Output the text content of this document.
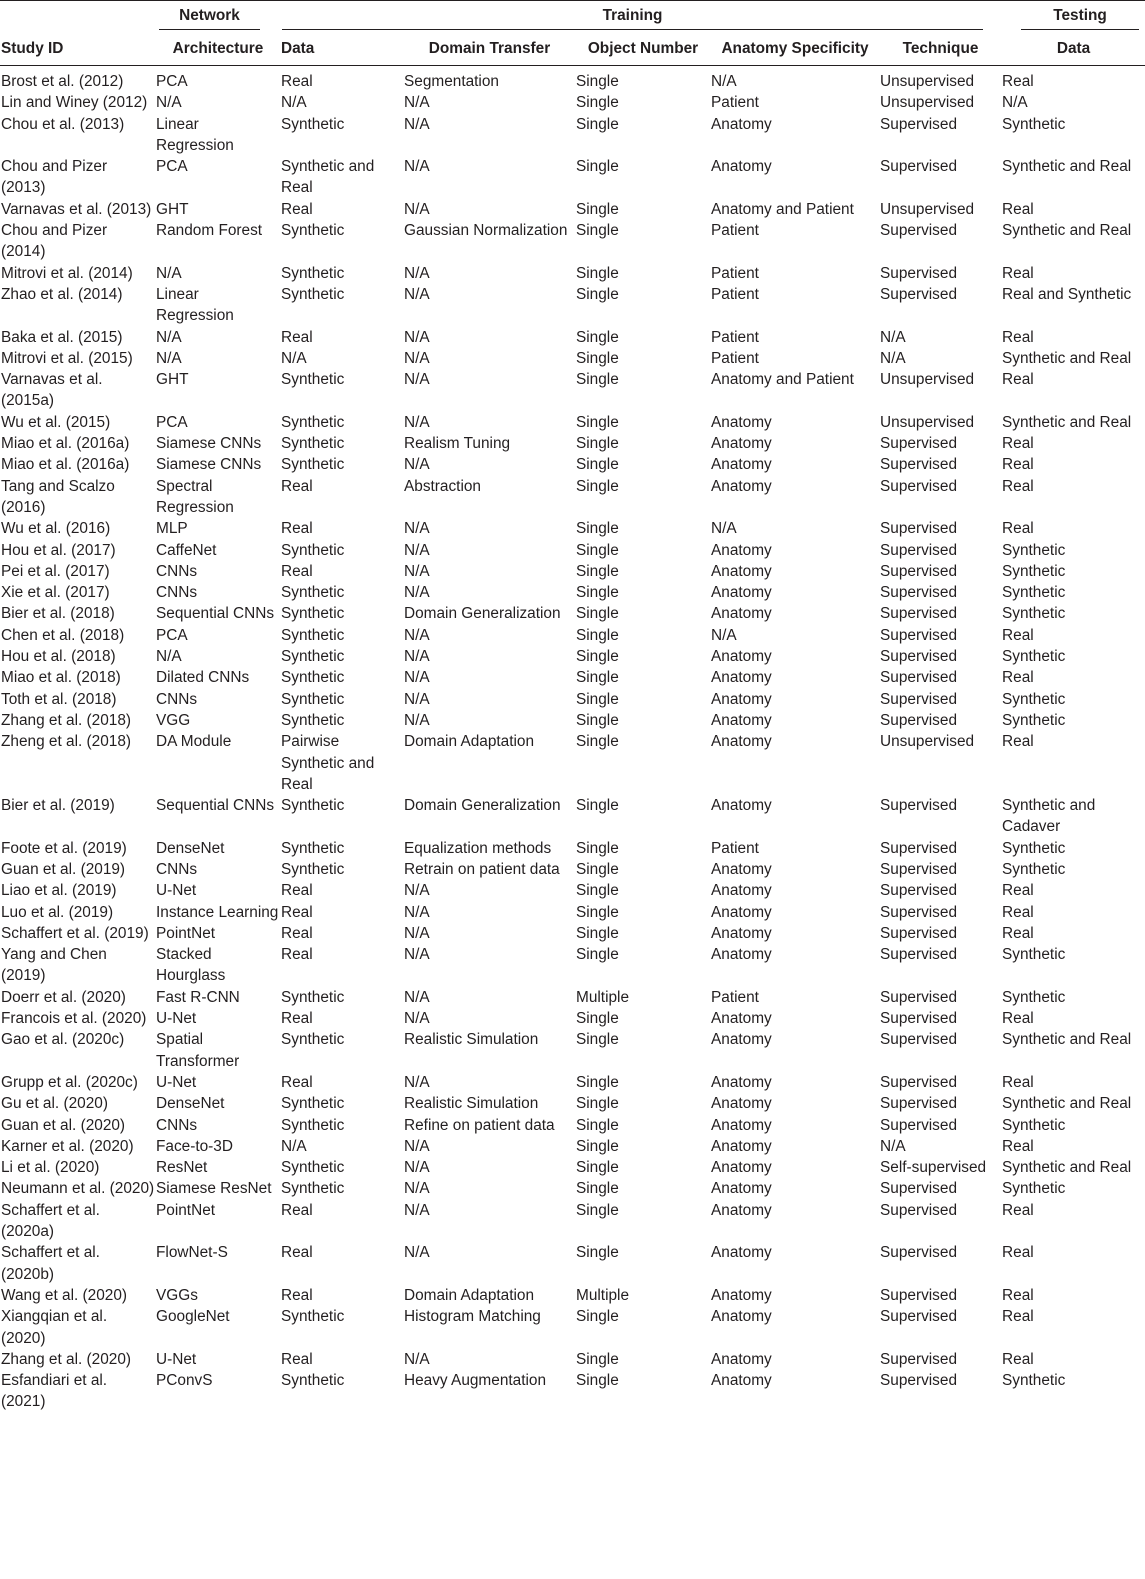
	Network	Training					Testing

Study ID	Architecture	Data	Domain Transfer	Object Number	Anatomy Specificity	Technique	Data
Brost et al. (2012)	PCA	Real	Segmentation	Single	N/A	Unsupervised	Real
Lin and Winey (2012)	N/A	N/A	N/A	Single	Patient	Unsupervised	N/A
Chou et al. (2013)	Linear Regression	Synthetic	N/A	Single	Anatomy	Supervised	Synthetic
Chou and Pizer (2013)	PCA	Synthetic and Real	N/A	Single	Anatomy	Supervised	Synthetic and Real
Varnavas et al. (2013)	GHT	Real	N/A	Single	Anatomy and Patient	Unsupervised	Real
Chou and Pizer (2014)	Random Forest	Synthetic	Gaussian Normalization	Single	Patient	Supervised	Synthetic and Real
Mitrovi et al. (2014)	N/A	Synthetic	N/A	Single	Patient	Supervised	Real
Zhao et al. (2014)	Linear Regression	Synthetic	N/A	Single	Patient	Supervised	Real and Synthetic
Baka et al. (2015)	N/A	Real	N/A	Single	Patient	N/A	Real
Mitrovi et al. (2015)	N/A	N/A	N/A	Single	Patient	N/A	Synthetic and Real
Varnavas et al. (2015a)	GHT	Synthetic	N/A	Single	Anatomy and Patient	Unsupervised	Real
Wu et al. (2015)	PCA	Synthetic	N/A	Single	Anatomy	Unsupervised	Synthetic and Real
Miao et al. (2016a)	Siamese CNNs	Synthetic	Realism Tuning	Single	Anatomy	Supervised	Real
Miao et al. (2016a)	Siamese CNNs	Synthetic	N/A	Single	Anatomy	Supervised	Real
Tang and Scalzo (2016)	Spectral Regression	Real	Abstraction	Single	Anatomy	Supervised	Real
Wu et al. (2016)	MLP	Real	N/A	Single	N/A	Supervised	Real
Hou et al. (2017)	CaffeNet	Synthetic	N/A	Single	Anatomy	Supervised	Synthetic
Pei et al. (2017)	CNNs	Real	N/A	Single	Anatomy	Supervised	Synthetic
Xie et al. (2017)	CNNs	Synthetic	N/A	Single	Anatomy	Supervised	Synthetic
Bier et al. (2018)	Sequential CNNs	Synthetic	Domain Generalization	Single	Anatomy	Supervised	Synthetic
Chen et al. (2018)	PCA	Synthetic	N/A	Single	N/A	Supervised	Real
Hou et al. (2018)	N/A	Synthetic	N/A	Single	Anatomy	Supervised	Synthetic
Miao et al. (2018)	Dilated CNNs	Synthetic	N/A	Single	Anatomy	Supervised	Real
Toth et al. (2018)	CNNs	Synthetic	N/A	Single	Anatomy	Supervised	Synthetic
Zhang et al. (2018)	VGG	Synthetic	N/A	Single	Anatomy	Supervised	Synthetic
Zheng et al. (2018)	DA Module	Pairwise Synthetic and Real	Domain Adaptation	Single	Anatomy	Unsupervised	Real
Bier et al. (2019)	Sequential CNNs	Synthetic	Domain Generalization	Single	Anatomy	Supervised	Synthetic and Cadaver
Foote et al. (2019)	DenseNet	Synthetic	Equalization methods	Single	Patient	Supervised	Synthetic
Guan et al. (2019)	CNNs	Synthetic	Retrain on patient data	Single	Anatomy	Supervised	Synthetic
Liao et al. (2019)	U-Net	Real	N/A	Single	Anatomy	Supervised	Real
Luo et al. (2019)	Instance Learning	Real	N/A	Single	Anatomy	Supervised	Real
Schaffert et al. (2019)	PointNet	Real	N/A	Single	Anatomy	Supervised	Real
Yang and Chen (2019)	Stacked Hourglass	Real	N/A	Single	Anatomy	Supervised	Synthetic
Doerr et al. (2020)	Fast R-CNN	Synthetic	N/A	Multiple	Patient	Supervised	Synthetic
Francois et al. (2020)	U-Net	Real	N/A	Single	Anatomy	Supervised	Real
Gao et al. (2020c)	Spatial Transformer	Synthetic	Realistic Simulation	Single	Anatomy	Supervised	Synthetic and Real
Grupp et al. (2020c)	U-Net	Real	N/A	Single	Anatomy	Supervised	Real
Gu et al. (2020)	DenseNet	Synthetic	Realistic Simulation	Single	Anatomy	Supervised	Synthetic and Real
Guan et al. (2020)	CNNs	Synthetic	Refine on patient data	Single	Anatomy	Supervised	Synthetic
Karner et al. (2020)	Face-to-3D	N/A	N/A	Single	Anatomy	N/A	Real
Li et al. (2020)	ResNet	Synthetic	N/A	Single	Anatomy	Self-supervised	Synthetic and Real
Neumann et al. (2020)	Siamese ResNet	Synthetic	N/A	Single	Anatomy	Supervised	Synthetic
Schaffert et al. (2020a)	PointNet	Real	N/A	Single	Anatomy	Supervised	Real
Schaffert et al. (2020b)	FlowNet-S	Real	N/A	Single	Anatomy	Supervised	Real
Wang et al. (2020)	VGGs	Real	Domain Adaptation	Multiple	Anatomy	Supervised	Real
Xiangqian et al. (2020)	GoogleNet	Synthetic	Histogram Matching	Single	Anatomy	Supervised	Real
Zhang et al. (2020)	U-Net	Real	N/A	Single	Anatomy	Supervised	Real
Esfandiari et al. (2021)	PConvS	Synthetic	Heavy Augmentation	Single	Anatomy	Supervised	Synthetic
